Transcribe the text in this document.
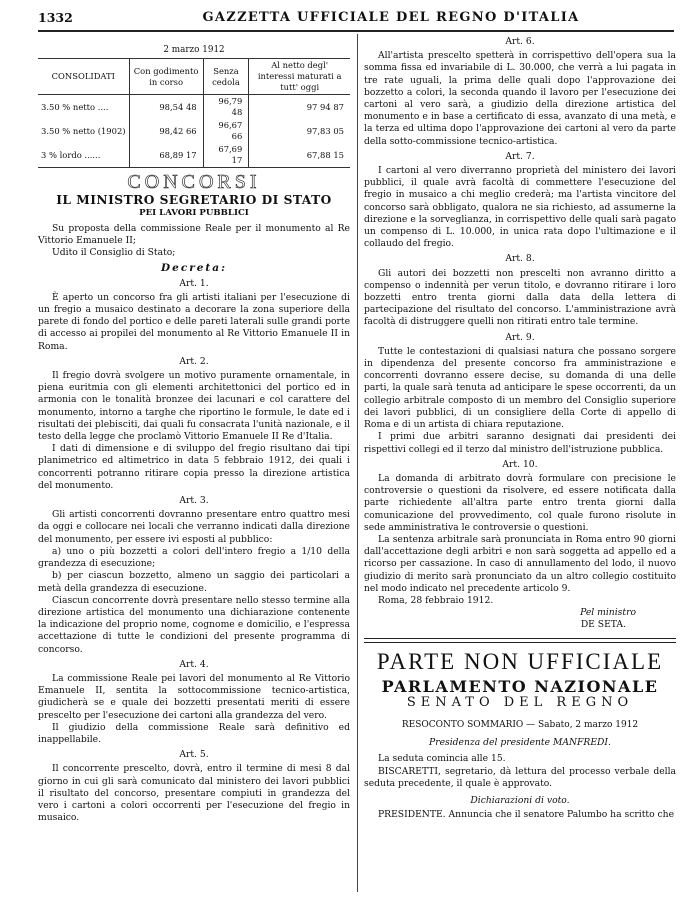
1332	GAZZETTA UFFICIALE DEL REGNO D'ITALIA
2 marzo 1912
CONSOLIDATI	Con godimento in corso	Senza cedola	Al netto degl' interessi maturati a tutt' oggi
3.50 % netto ....	98,54 48	96,79 48	97 94 87
3.50 % netto (1902)	98,42 66	96,67 66	97,83 05
3 % lordo ......	68,89 17	67,69 17	67,88 15
CONCORSI
IL MINISTRO SEGRETARIO DI STATO
PEI LAVORI PUBBLICI

Su proposta della commissione Reale per il monumento al Re Vittorio Emanuele II;

Udito il Consiglio di Stato;

Decreta:
Art. 1.

È aperto un concorso fra gli artisti italiani per l'esecuzione di un fregio a musaico destinato a decorare la zona superiore della parete di fondo del portico e delle pareti laterali sulle grandi porte di accesso ai propilei del monumento al Re Vittorio Emanuele II in Roma.

Art. 2.

Il fregio dovrà svolgere un motivo puramente ornamentale, in piena euritmia con gli elementi architettonici del portico ed in armonia con le tonalità bronzee dei lacunari e col carattere del monumento, intorno a targhe che riportino le formule, le date ed i risultati dei plebisciti, dai quali fu consacrata l'unità nazionale, e il testo della legge che proclamò Vittorio Emanuele II Re d'Italia.

I dati di dimensione e di sviluppo del fregio risultano dai tipi planimetrico ed altimetrico in data 5 febbraio 1912, dei quali i concorrenti potranno ritirare copia presso la direzione artistica del monumento.

Art. 3.

Gli artisti concorrenti dovranno presentare entro quattro mesi da oggi e collocare nei locali che verranno indicati dalla direzione del monumento, per essere ivi esposti al pubblico:

a) uno o più bozzetti a colori dell'intero fregio a 1/10 della grandezza di esecuzione;

b) per ciascun bozzetto, almeno un saggio dei particolari a metà della grandezza di esecuzione.

Ciascun concorrente dovrà presentare nello stesso termine alla direzione artistica del monumento una dichiarazione contenente la indicazione del proprio nome, cognome e domicilio, e l'espressa accettazione di tutte le condizioni del presente programma di concorso.

Art. 4.

La commissione Reale pei lavori del monumento al Re Vittorio Emanuele II, sentita la sottocommissione tecnico-artistica, giudicherà se e quale dei bozzetti presentati meriti di essere prescelto per l'esecuzione dei cartoni alla grandezza del vero.

Il giudizio della commissione Reale sarà definitivo ed inappellabile.

Art. 5.

Il concorrente prescelto, dovrà, entro il termine di mesi 8 dal giorno in cui gli sarà comunicato dal ministero dei lavori pubblici il risultato del concorso, presentare compiuti in grandezza del vero i cartoni a colori occorrenti per l'esecuzione del fregio in musaico.

Art. 6.

All'artista prescelto spetterà in corrispettivo dell'opera sua la somma fissa ed invariabile di L. 30.000, che verrà a lui pagata in tre rate uguali, la prima delle quali dopo l'approvazione dei bozzetto a colori, la seconda quando il lavoro per l'esecuzione dei cartoni al vero sarà, a giudizio della direzione artistica del monumento e in base a certificato di essa, avanzato di una metà, e la terza ed ultima dopo l'approvazione dei cartoni al vero da parte della sotto-commissione tecnico-artistica.

Art. 7.

I cartoni al vero diverranno proprietà del ministero dei lavori pubblici, il quale avrà facoltà di commettere l'esecuzione del fregio in musaico a chi meglio crederà; ma l'artista vincitore del concorso sarà obbligato, qualora ne sia richiesto, ad assumerne la direzione e la sorveglianza, in corrispettivo delle quali sarà pagato un compenso di L. 10.000, in unica rata dopo l'ultimazione e il collaudo del fregio.

Art. 8.

Gli autori dei bozzetti non prescelti non avranno diritto a compenso o indennità per verun titolo, e dovranno ritirare i loro bozzetti entro trenta giorni dalla data della lettera di partecipazione del risultato del concorso. L'amministrazione avrà facoltà di distruggere quelli non ritirati entro tale termine.

Art. 9.

Tutte le contestazioni di qualsiasi natura che possano sorgere in dipendenza del presente concorso fra amministrazione e concorrenti dovranno essere decise, su domanda di una delle parti, la quale sarà tenuta ad anticipare le spese occorrenti, da un collegio arbitrale composto di un membro del Consiglio superiore dei lavori pubblici, di un consigliere della Corte di appello di Roma e di un artista di chiara reputazione.

I primi due arbitri saranno designati dai presidenti dei rispettivi collegi ed il terzo dal ministro dell'istruzione pubblica.

Art. 10.

La domanda di arbitrato dovrà formulare con precisione le controversie o questioni da risolvere, ed essere notificata dalla parte richiedente all'altra parte entro trenta giorni dalla comunicazione del provvedimento, col quale furono risolute in sede amministrativa le controversie o questioni.

La sentenza arbitrale sarà pronunciata in Roma entro 90 giorni dall'accettazione degli arbitri e non sarà soggetta ad appello ed a ricorso per cassazione. In caso di annullamento del lodo, il nuovo giudizio di merito sarà pronunciato da un altro collegio costituito nel modo indicato nel precedente articolo 9.

Roma, 28 febbraio 1912.

Pel ministro

DE SETA.

PARTE NON UFFICIALE
PARLAMENTO NAZIONALE
SENATO DEL REGNO
RESOCONTO SOMMARIO — Sabato, 2 marzo 1912
Presidenza del presidente MANFREDI.

La seduta comincia alle 15.

BISCARETTI, segretario, dà lettura del processo verbale della seduta precedente, il quale è approvato.

Dichiarazioni di voto.

PRESIDENTE. Annuncia che il senatore Palumbo ha scritto che
